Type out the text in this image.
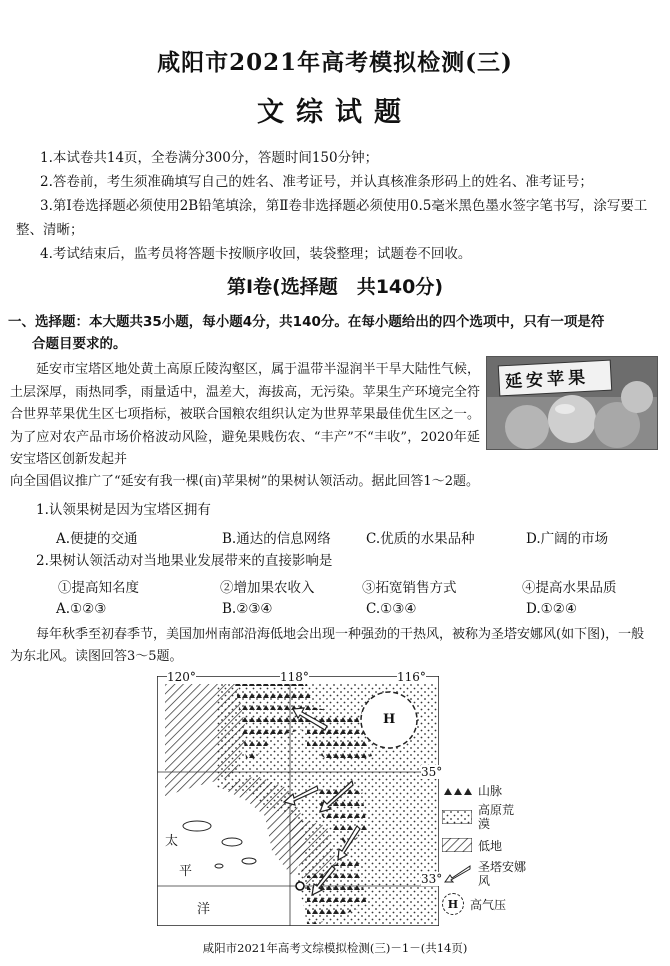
咸阳市2021年高考模拟检测(三)
文综试题

1.本试卷共14页，全卷满分300分，答题时间150分钟；

2.答卷前，考生须准确填写自己的姓名、准考证号，并认真核准条形码上的姓名、准考证号；

3.第Ⅰ卷选择题必须使用2B铅笔填涂，第Ⅱ卷非选择题必须使用0.5毫米黑色墨水签字笔书写，涂写要工整、清晰；

4.考试结束后，监考员将答题卡按顺序收回，装袋整理；试题卷不回收。

第Ⅰ卷(选择题　共140分)
一、选择题：本大题共35小题，每小题4分，共140分。在每小题给出的四个选项中，只有一项是符
合题目要求的。
延安市宝塔区地处黄土高原丘陵沟壑区，属于温带半湿润半干旱大陆性气候，土层深厚，雨热同季，雨量适中，温差大，海拔高，无污染。苹果生产环境完全符合世界苹果优生区七项指标，被联合国粮农组织认定为世界苹果最佳优生区之一。为了应对农产品市场价格波动风险，避免果贱伤农、“丰产”不“丰收”，2020年延安宝塔区创新发起并
延安苹果
向全国倡议推广了“延安有我一棵(亩)苹果树”的果树认领活动。据此回答1～2题。
1.认领果树是因为宝塔区拥有
A.便捷的交通	B.通达的信息网络	C.优质的水果品种	D.广阔的市场
2.果树认领活动对当地果业发展带来的直接影响是
①提高知名度	②增加果农收入	③拓宽销售方式	④提高水果品质
A.①②③	B.②③④	C.①③④	D.①②④
每年秋季至初春季节，美国加州南部沿海低地会出现一种强劲的干热风，被称为圣塔安娜风(如下图)，一般为东北风。读图回答3～5题。
120°	118°	116°
35°
33°
太
平
洋
H
山脉
高原荒漠
低地
圣塔安娜风
H 高气压
咸阳市2021年高考文综模拟检测(三)－1－(共14页)
